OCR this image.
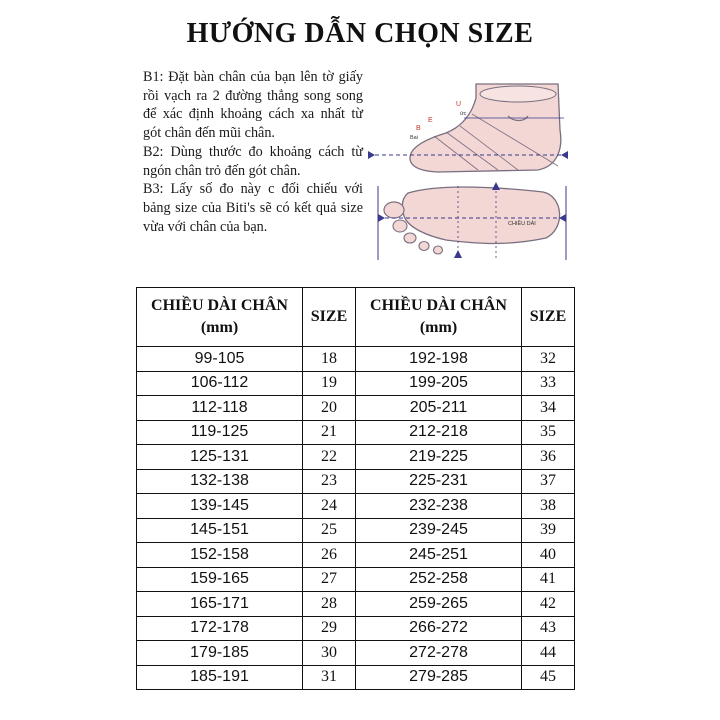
HƯỚNG DẪN CHỌN SIZE

B1: Đặt bàn chân của bạn lên tờ giấy rồi vạch ra 2 đường thẳng song song để xác định khoảng cách xa nhất từ gót chân đến mũi chân.

B2: Dùng thước đo khoảng cách từ ngón chân trỏ đến gót chân.

B3: Lấy số đo này c đối chiếu với bảng size của Biti's sẽ có kết quả size vừa với chân của bạn.

B
Bai
E
U
ức
CHIỀU DÀI
CHIỀU DÀI CHÂN
(mm)	SIZE	CHIỀU DÀI CHÂN
(mm)	SIZE
99-105	18	192-198	32
106-112	19	199-205	33
112-118	20	205-211	34
119-125	21	212-218	35
125-131	22	219-225	36
132-138	23	225-231	37
139-145	24	232-238	38
145-151	25	239-245	39
152-158	26	245-251	40
159-165	27	252-258	41
165-171	28	259-265	42
172-178	29	266-272	43
179-185	30	272-278	44
185-191	31	279-285	45
